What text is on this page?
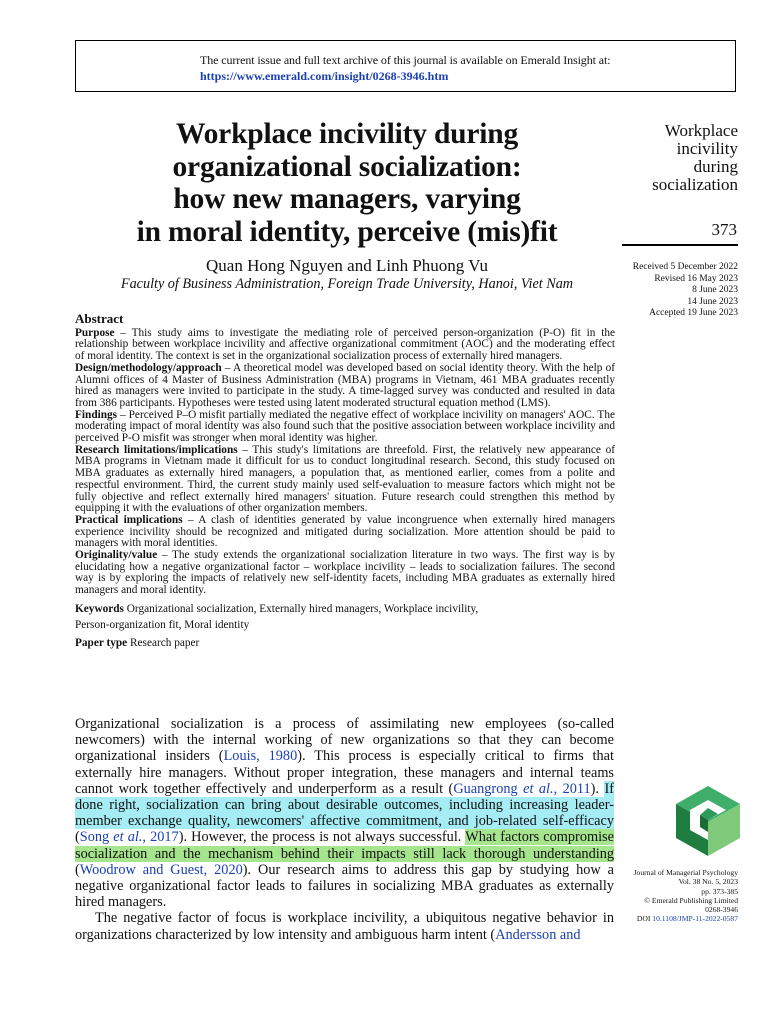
The current issue and full text archive of this journal is available on Emerald Insight at:
https://www.emerald.com/insight/0268-3946.htm
Workplace incivility during
organizational socialization:
how new managers, varying
in moral identity, perceive (mis)fit
Workplace
incivility
during
socialization
373
Quan Hong Nguyen and Linh Phuong Vu
Faculty of Business Administration, Foreign Trade University, Hanoi, Viet Nam
Received 5 December 2022
Revised 16 May 2023
8 June 2023
14 June 2023
Accepted 19 June 2023
Abstract

Purpose – This study aims to investigate the mediating role of perceived person-organization (P-O) fit in the relationship between workplace incivility and affective organizational commitment (AOC) and the moderating effect of moral identity. The context is set in the organizational socialization process of externally hired managers.

Design/methodology/approach – A theoretical model was developed based on social identity theory. With the help of Alumni offices of 4 Master of Business Administration (MBA) programs in Vietnam, 461 MBA graduates recently hired as managers were invited to participate in the study. A time-lagged survey was conducted and resulted in data from 386 participants. Hypotheses were tested using latent moderated structural equation method (LMS).

Findings – Perceived P–O misfit partially mediated the negative effect of workplace incivility on managers' AOC. The moderating impact of moral identity was also found such that the positive association between workplace incivility and perceived P-O misfit was stronger when moral identity was higher.

Research limitations/implications – This study's limitations are threefold. First, the relatively new appearance of MBA programs in Vietnam made it difficult for us to conduct longitudinal research. Second, this study focused on MBA graduates as externally hired managers, a population that, as mentioned earlier, comes from a polite and respectful environment. Third, the current study mainly used self-evaluation to measure factors which might not be fully objective and reflect externally hired managers' situation. Future research could strengthen this method by equipping it with the evaluations of other organization members.

Practical implications – A clash of identities generated by value incongruence when externally hired managers experience incivility should be recognized and mitigated during socialization. More attention should be paid to managers with moral identities.

Originality/value – The study extends the organizational socialization literature in two ways. The first way is by elucidating how a negative organizational factor – workplace incivility – leads to socialization failures. The second way is by exploring the impacts of relatively new self-identity facets, including MBA graduates as externally hired managers and moral identity.

Keywords Organizational socialization, Externally hired managers, Workplace incivility,
Person-organization fit, Moral identity

Paper type Research paper

Organizational socialization is a process of assimilating new employees (so-called newcomers) with the internal working of new organizations so that they can become organizational insiders (Louis, 1980). This process is especially critical to firms that externally hire managers. Without proper integration, these managers and internal teams cannot work together effectively and underperform as a result (Guangrong et al., 2011). If done right, socialization can bring about desirable outcomes, including increasing leader-member exchange quality, newcomers' affective commitment, and job-related self-efficacy (Song et al., 2017). However, the process is not always successful. What factors compromise socialization and the mechanism behind their impacts still lack thorough understanding (Woodrow and Guest, 2020). Our research aims to address this gap by studying how a negative organizational factor leads to failures in socializing MBA graduates as externally hired managers.

The negative factor of focus is workplace incivility, a ubiquitous negative behavior in organizations characterized by low intensity and ambiguous harm intent (Andersson and

Journal of Managerial Psychology
Vol. 38 No. 5, 2023
pp. 373-385
© Emerald Publishing Limited
0268-3946
DOI 10.1108/JMP-11-2022-0587
